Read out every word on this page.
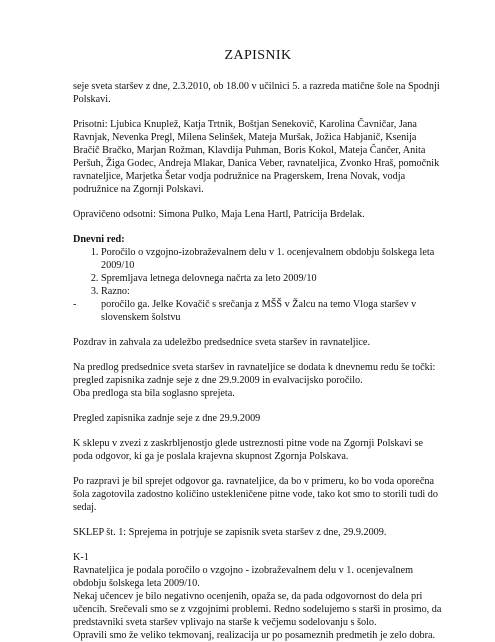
ZAPISNIK

seje sveta staršev z dne, 2.3.2010, ob 18.00 v učilnici 5. a razreda matične šole na Spodnji Polskavi.

Prisotni: Ljubica Knuplež, Katja Trtnik, Boštjan Senekovič, Karolina Čavničar, Jana Ravnjak, Nevenka Pregl, Milena Selinšek, Mateja Muršak, Jožica Habjanič, Ksenija Bračič Bračko, Marjan Rožman, Klavdija Puhman, Boris Kokol, Mateja Čančer, Anita Peršuh, Žiga Godec, Andreja Mlakar, Danica Veber, ravnateljica, Zvonko Hraš, pomočnik ravnateljice, Marjetka Šetar vodja podružnice na Pragerskem, Irena Novak, vodja podružnice na Zgornji Polskavi.

Opravičeno odsotni: Simona Pulko, Maja Lena Hartl, Patricija Brdelak.

Dnevni red:
1. Poročilo o vzgojno-izobraževalnem delu v 1. ocenjevalnem obdobju šolskega leta 2009/10
2. Spremljava letnega delovnega načrta za leto 2009/10
3. Razno:
- poročilo ga. Jelke Kovačič s srečanja z MŠŠ v Žalcu na temo Vloga staršev v slovenskem šolstvu

Pozdrav in zahvala za udeležbo predsednice sveta staršev in ravnateljice.

Na predlog predsednice sveta staršev in ravnateljice se dodata k dnevnemu redu še točki: pregled zapisnika zadnje seje z dne 29.9.2009 in evalvacijsko poročilo.

Oba predloga sta bila soglasno sprejeta.

Pregled zapisnika zadnje seje z dne 29.9.2009

K sklepu v zvezi z zaskrbljenostjo glede ustreznosti pitne vode na Zgornji Polskavi se poda odgovor, ki ga je poslala krajevna skupnost Zgornja Polskava.

Po razpravi je bil sprejet odgovor ga. ravnateljice, da bo v primeru, ko bo voda oporečna šola zagotovila zadostno količino ustekleničene pitne vode, tako kot smo to storili tudi do sedaj.

SKLEP št. 1: Sprejema in potrjuje se zapisnik sveta staršev z dne, 29.9.2009.

K-1
Ravnateljica je podala poročilo o vzgojno - izobraževalnem delu v 1. ocenjevalnem obdobju šolskega leta 2009/10.
Nekaj učencev je bilo negativno ocenjenih, opaža se, da pada odgovornost do dela pri učencih. Srečevali smo se z vzgojnimi problemi. Redno sodelujemo s starši in prosimo, da predstavniki sveta staršev vplivajo na starše k večjemu sodelovanju s šolo.
Opravili smo že veliko tekmovanj, realizacija ur po posameznih predmetih je zelo dobra.
